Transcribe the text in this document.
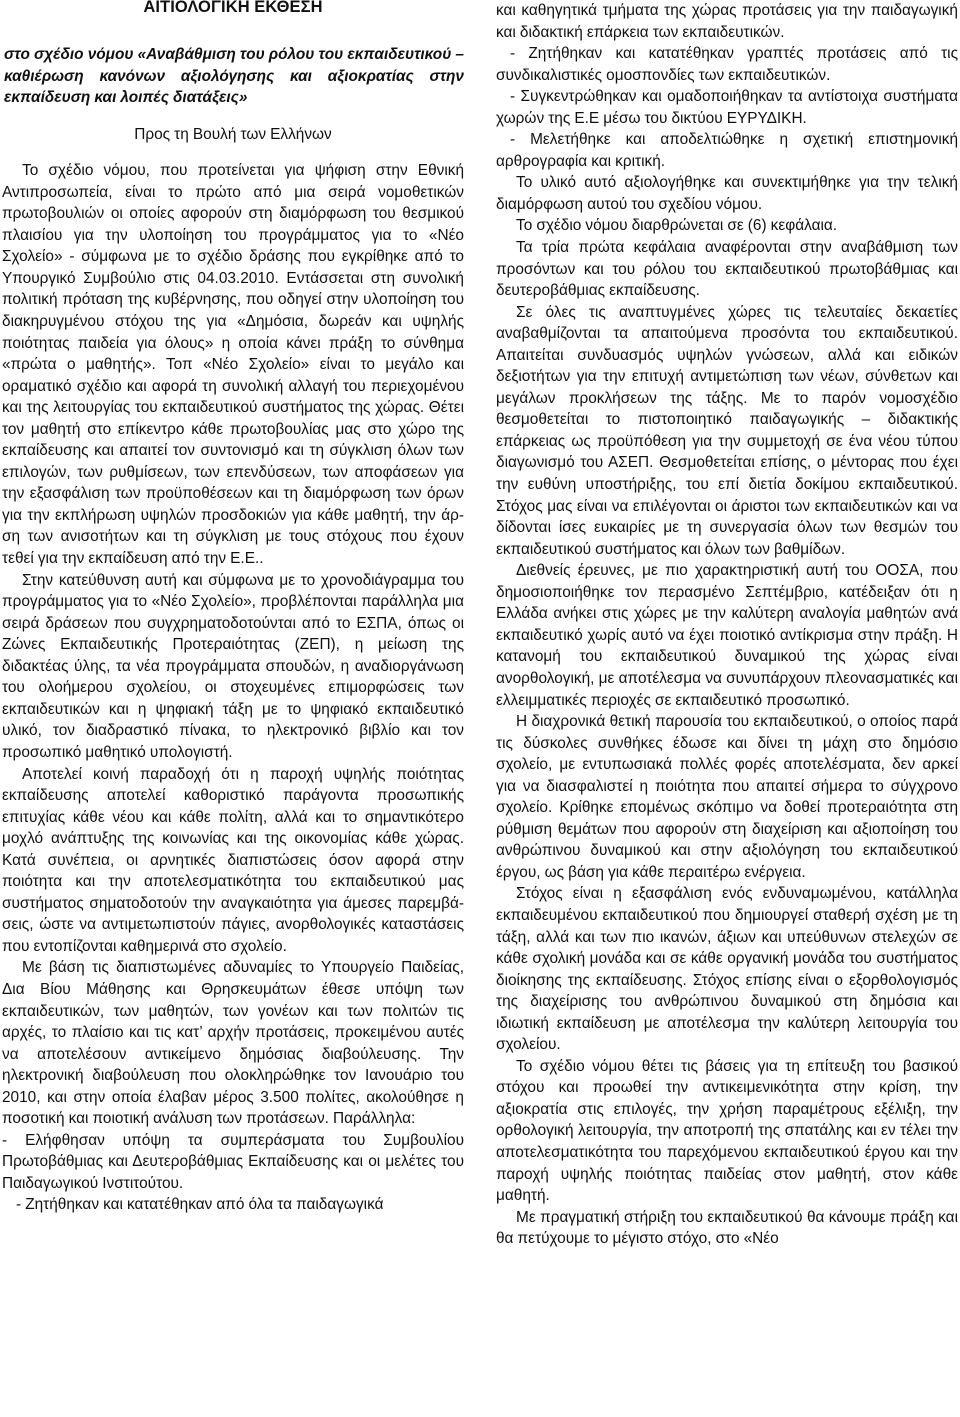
ΑΙΤΙΟΛΟΓΙΚΗ ΕΚΘΕΣΗ
στο σχέδιο νόμου «Αναβάθμιση του ρόλου του εκπαιδευτικού – καθιέρωση κανόνων αξιολόγησης και αξιοκρατίας στην εκπαίδευση και λοιπές διατάξεις»
Προς τη Βουλή των Ελλήνων

Το σχέδιο νόμου, που προτείνεται για ψήφιση στην Εθνική Αντιπροσωπεία, είναι το πρώτο από μια σειρά νομοθετικών πρωτοβουλιών οι οποίες αφορούν στη διαμόρφωση του θεσμικού πλαισίου για την υλοποίηση του προγράμματος για το «Νέο Σχολείο» - σύμφωνα με το σχέδιο δράσης που εγκρίθηκε από το Υπουργικό Συμβούλιο στις 04.03.2010. Εντάσσεται στη συνολική πολιτική πρόταση της κυβέρνησης, που οδηγεί στην υλοποίηση του διακηρυγμένου στόχου της για «Δημόσια, δωρεάν και υψηλής ποιότητας παιδεία για όλους» η οποία κάνει πράξη το σύνθημα «πρώτα ο μαθητής». Τοπ «Νέο Σχολείο» είναι το μεγάλο και οραματικό σχέδιο και αφορά τη συνολική αλλαγή του περιεχομένου και της λειτουργίας του εκπαιδευτικού συστήματος της χώρας. Θέτει τον μαθητή στο επίκεντρο κάθε πρωτοβουλίας μας στο χώρο της εκπαίδευσης και απαιτεί τον συντονισμό και τη σύγκλιση όλων των επιλογών, των ρυθμίσεων, των επενδύσεων, των αποφάσεων για την εξασφάλιση των προϋποθέσεων και τη διαμόρφωση των όρων για την εκπλήρωση υψηλών προσδοκιών για κάθε μαθητή, την άρση των ανισοτήτων και τη σύγκλιση με τους στόχους που έχουν τεθεί για την εκπαίδευση από την Ε.Ε..

Στην κατεύθυνση αυτή και σύμφωνα με το χρονοδιάγραμμα του προγράμματος για το «Νέο Σχολείο», προβλέπονται παράλληλα μια σειρά δράσεων που συγχρηματοδοτούνται από το ΕΣΠΑ, όπως οι Ζώνες Εκπαιδευτικής Προτεραιότητας (ΖΕΠ), η μείωση της διδακτέας ύλης, τα νέα προγράμματα σπουδών, η αναδιοργάνωση του ολοήμερου σχολείου, οι στοχευμένες επιμορφώσεις των εκπαιδευτικών και η ψηφιακή τάξη με το ψηφιακό εκπαιδευτικό υλικό, τον διαδραστικό πίνακα, το ηλεκτρονικό βιβλίο και τον προσωπικό μαθητικό υπολογιστή.

Αποτελεί κοινή παραδοχή ότι η παροχή υψηλής ποιότητας εκπαίδευσης αποτελεί καθοριστικό παράγοντα προσωπικής επιτυχίας κάθε νέου και κάθε πολίτη, αλλά και το σημαντικότερο μοχλό ανάπτυξης της κοινωνίας και της οικονομίας κάθε χώρας. Κατά συνέπεια, οι αρνητικές διαπιστώσεις όσον αφορά στην ποιότητα και την αποτελεσματικότητα του εκπαιδευτικού μας συστήματος σηματοδοτούν την αναγκαιότητα για άμεσες παρεμβάσεις, ώστε να αντιμετωπιστούν πάγιες, ανορθολογικές καταστάσεις που εντοπίζονται καθημερινά στο σχολείο.

Με βάση τις διαπιστωμένες αδυναμίες το Υπουργείο Παιδείας, Δια Βίου Μάθησης και Θρησκευμάτων έθεσε υπόψη των εκπαιδευτικών, των μαθητών, των γονέων και των πολιτών τις αρχές, το πλαίσιο και τις κατ’ αρχήν προτάσεις, προκειμένου αυτές να αποτελέσουν αντικείμενο δημόσιας διαβούλευσης. Την ηλεκτρονική διαβούλευση που ολοκληρώθηκε τον Ιανουάριο του 2010, και στην οποία έλαβαν μέρος 3.500 πολίτες, ακολούθησε η ποσοτική και ποιοτική ανάλυση των προτάσεων. Παράλληλα:

- Ελήφθησαν υπόψη τα συμπεράσματα του Συμβουλίου Πρωτοβάθμιας και Δευτεροβάθμιας Εκπαίδευσης και οι μελέτες του Παιδαγωγικού Ινστιτούτου.

- Ζητήθηκαν και κατατέθηκαν από όλα τα παιδαγωγικά

και καθηγητικά τμήματα της χώρας προτάσεις για την παιδαγωγική και διδακτική επάρκεια των εκπαιδευτικών.

- Ζητήθηκαν και κατατέθηκαν γραπτές προτάσεις από τις συνδικαλιστικές ομοσπονδίες των εκπαιδευτικών.

- Συγκεντρώθηκαν και ομαδοποιήθηκαν τα αντίστοιχα συστήματα χωρών της Ε.Ε μέσω του δικτύου ΕΥΡΥΔΙΚΗ.

- Μελετήθηκε και αποδελτιώθηκε η σχετική επιστημονική αρθρογραφία και κριτική.

Το υλικό αυτό αξιολογήθηκε και συνεκτιμήθηκε για την τελική διαμόρφωση αυτού του σχεδίου νόμου.

Το σχέδιο νόμου διαρθρώνεται σε (6) κεφάλαια.

Τα τρία πρώτα κεφάλαια αναφέρονται στην αναβάθμιση των προσόντων και του ρόλου του εκπαιδευτικού πρωτοβάθμιας και δευτεροβάθμιας εκπαίδευσης.

Σε όλες τις αναπτυγμένες χώρες τις τελευταίες δεκαετίες αναβαθμίζονται τα απαιτούμενα προσόντα του εκπαιδευτικού. Απαιτείται συνδυασμός υψηλών γνώσεων, αλλά και ειδικών δεξιοτήτων για την επιτυχή αντιμετώπιση των νέων, σύνθετων και μεγάλων προκλήσεων της τάξης. Με το παρόν νομοσχέδιο θεσμοθετείται το πιστοποιητικό παιδαγωγικής – διδακτικής επάρκειας ως προϋπόθεση για την συμμετοχή σε ένα νέου τύπου διαγωνισμό του ΑΣΕΠ. Θεσμοθετείται επίσης, ο μέντορας που έχει την ευθύνη υποστήριξης, του επί διετία δοκίμου εκπαιδευτικού. Στόχος μας είναι να επιλέγονται οι άριστοι των εκπαιδευτικών και να δίδονται ίσες ευκαιρίες με τη συνεργασία όλων των θεσμών του εκπαιδευτικού συστήματος και όλων των βαθμίδων.

Διεθνείς έρευνες, με πιο χαρακτηριστική αυτή του ΟΟΣΑ, που δημοσιοποιήθηκε τον περασμένο Σεπτέμβριο, κατέδειξαν ότι η Ελλάδα ανήκει στις χώρες με την καλύτερη αναλογία μαθητών ανά εκπαιδευτικό χωρίς αυτό να έχει ποιοτικό αντίκρισμα στην πράξη. Η κατανομή του εκπαιδευτικού δυναμικού της χώρας είναι ανορθολογική, με αποτέλεσμα να συνυπάρχουν πλεονασματικές και ελλειμματικές περιοχές σε εκπαιδευτικό προσωπικό.

Η διαχρονικά θετική παρουσία του εκπαιδευτικού, ο οποίος παρά τις δύσκολες συνθήκες έδωσε και δίνει τη μάχη στο δημόσιο σχολείο, με εντυπωσιακά πολλές φορές αποτελέσματα, δεν αρκεί για να διασφαλιστεί η ποιότητα που απαιτεί σήμερα το σύγχρονο σχολείο. Κρίθηκε επομένως σκόπιμο να δοθεί προτεραιότητα στη ρύθμιση θεμάτων που αφορούν στη διαχείριση και αξιοποίηση του ανθρώπινου δυναμικού και στην αξιολόγηση του εκπαιδευτικού έργου, ως βάση για κάθε περαιτέρω ενέργεια.

Στόχος είναι η εξασφάλιση ενός ενδυναμωμένου, κατάλληλα εκπαιδευμένου εκπαιδευτικού που δημιουργεί σταθερή σχέση με τη τάξη, αλλά και των πιο ικανών, άξιων και υπεύθυνων στελεχών σε κάθε σχολική μονάδα και σε κάθε οργανική μονάδα του συστήματος διοίκησης της εκπαίδευσης. Στόχος επίσης είναι ο εξορθολογισμός της διαχείρισης του ανθρώπινου δυναμικού στη δημόσια και ιδιωτική εκπαίδευση με αποτέλεσμα την καλύτερη λειτουργία του σχολείου.

Το σχέδιο νόμου θέτει τις βάσεις για τη επίτευξη του βασικού στόχου και προωθεί την αντικειμενικότητα στην κρίση, την αξιοκρατία στις επιλογές, την χρήση παραμέτρους εξέλιξη, την ορθολογική λειτουργία, την αποτροπή της σπατάλης και εν τέλει την αποτελεσματικότητα του παρεχόμενου εκπαιδευτικού έργου και την παροχή υψηλής ποιότητας παιδείας στον μαθητή, στον κάθε μαθητή.

Με πραγματική στήριξη του εκπαιδευτικού θα κάνουμε πράξη και θα πετύχουμε το μέγιστο στόχο, στο «Νέο
